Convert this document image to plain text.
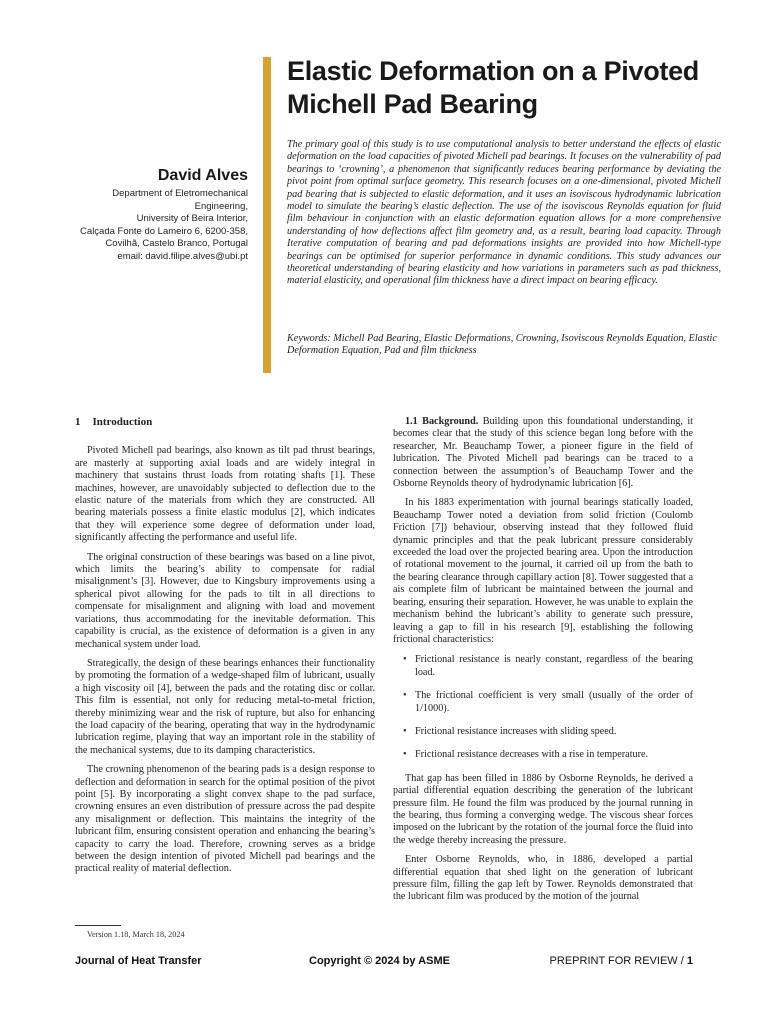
Elastic Deformation on a Pivoted
Michell Pad Bearing
David Alves
Department of Eletromechanical
Engineering,
University of Beira Interior,
Calçada Fonte do Lameiro 6, 6200-358,
Covilhã, Castelo Branco, Portugal
email: david.filipe.alves@ubi.pt
The primary goal of this study is to use computational analysis to better understand the effects of elastic deformation on the load capacities of pivoted Michell pad bearings. It focuses on the vulnerability of pad bearings to ‘crowning’, a phenomenon that significantly reduces bearing performance by deviating the pivot point from optimal surface geometry. This research focuses on a one-dimensional, pivoted Michell pad bearing that is subjected to elastic deformation, and it uses an isoviscous hydrodynamic lubrication model to simulate the bearing’s elastic deflection. The use of the isoviscous Reynolds equation for fluid film behaviour in conjunction with an elastic deformation equation allows for a more comprehensive understanding of how deflections affect film geometry and, as a result, bearing load capacity. Through Iterative computation of bearing and pad deformations insights are provided into how Michell-type bearings can be optimised for superior performance in dynamic conditions. This study advances our theoretical understanding of bearing elasticity and how variations in parameters such as pad thickness, material elasticity, and operational film thickness have a direct impact on bearing efficacy.
Keywords: Michell Pad Bearing, Elastic Deformations, Crowning, Isoviscous Reynolds Equation, Elastic Deformation Equation, Pad and film thickness
1 Introduction

Pivoted Michell pad bearings, also known as tilt pad thrust bearings, are masterly at supporting axial loads and are widely integral in machinery that sustains thrust loads from rotating shafts [1]. These machines, however, are unavoidably subjected to deflection due to the elastic nature of the materials from which they are constructed. All bearing materials possess a finite elastic modulus [2], which indicates that they will experience some degree of deformation under load, significantly affecting the performance and useful life.

The original construction of these bearings was based on a line pivot, which limits the bearing’s ability to compensate for radial misalignment’s [3]. However, due to Kingsbury improvements using a spherical pivot allowing for the pads to tilt in all directions to compensate for misalignment and aligning with load and movement variations, thus accommodating for the inevitable deformation. This capability is crucial, as the existence of deformation is a given in any mechanical system under load.

Strategically, the design of these bearings enhances their functionality by promoting the formation of a wedge-shaped film of lubricant, usually a high viscosity oil [4], between the pads and the rotating disc or collar. This film is essential, not only for reducing metal-to-metal friction, thereby minimizing wear and the risk of rupture, but also for enhancing the load capacity of the bearing, operating that way in the hydrodynamic lubrication regime, playing that way an important role in the stability of the mechanical systems, due to its damping characteristics.

The crowning phenomenon of the bearing pads is a design response to deflection and deformation in search for the optimal position of the pivot point [5]. By incorporating a slight convex shape to the pad surface, crowning ensures an even distribution of pressure across the pad despite any misalignment or deflection. This maintains the integrity of the lubricant film, ensuring consistent operation and enhancing the bearing’s capacity to carry the load. Therefore, crowning serves as a bridge between the design intention of pivoted Michell pad bearings and the practical reality of material deflection.

1.1 Background. Building upon this foundational understanding, it becomes clear that the study of this science began long before with the researcher, Mr. Beauchamp Tower, a pioneer figure in the field of lubrication. The Pivoted Michell pad bearings can be traced to a connection between the assumption’s of Beauchamp Tower and the Osborne Reynolds theory of hydrodynamic lubrication [6].

In his 1883 experimentation with journal bearings statically loaded, Beauchamp Tower noted a deviation from solid friction (Coulomb Friction [7]) behaviour, observing instead that they followed fluid dynamic principles and that the peak lubricant pressure considerably exceeded the load over the projected bearing area. Upon the introduction of rotational movement to the journal, it carried oil up from the bath to the bearing clearance through capillary action [8]. Tower suggested that a ais complete film of lubricant be maintained between the journal and bearing, ensuring their separation. However, he was unable to explain the mechanism behind the lubricant’s ability to generate such pressure, leaving a gap to fill in his research [9], establishing the following frictional characteristics:

• Frictional resistance is nearly constant, regardless of the bearing load.
• The frictional coefficient is very small (usually of the order of 1/1000).
• Frictional resistance increases with sliding speed.
• Frictional resistance decreases with a rise in temperature.

That gap has been filled in 1886 by Osborne Reynolds, he derived a partial differential equation describing the generation of the lubricant pressure film. He found the film was produced by the journal running in the bearing, thus forming a converging wedge. The viscous shear forces imposed on the lubricant by the rotation of the journal force the fluid into the wedge thereby increasing the pressure.

Enter Osborne Reynolds, who, in 1886, developed a partial differential equation that shed light on the generation of lubricant pressure film, filling the gap left by Tower. Reynolds demonstrated that the lubricant film was produced by the motion of the journal

Version 1.18, March 18, 2024
Journal of Heat Transfer	Copyright © 2024 by ASME	PREPRINT FOR REVIEW / 1
